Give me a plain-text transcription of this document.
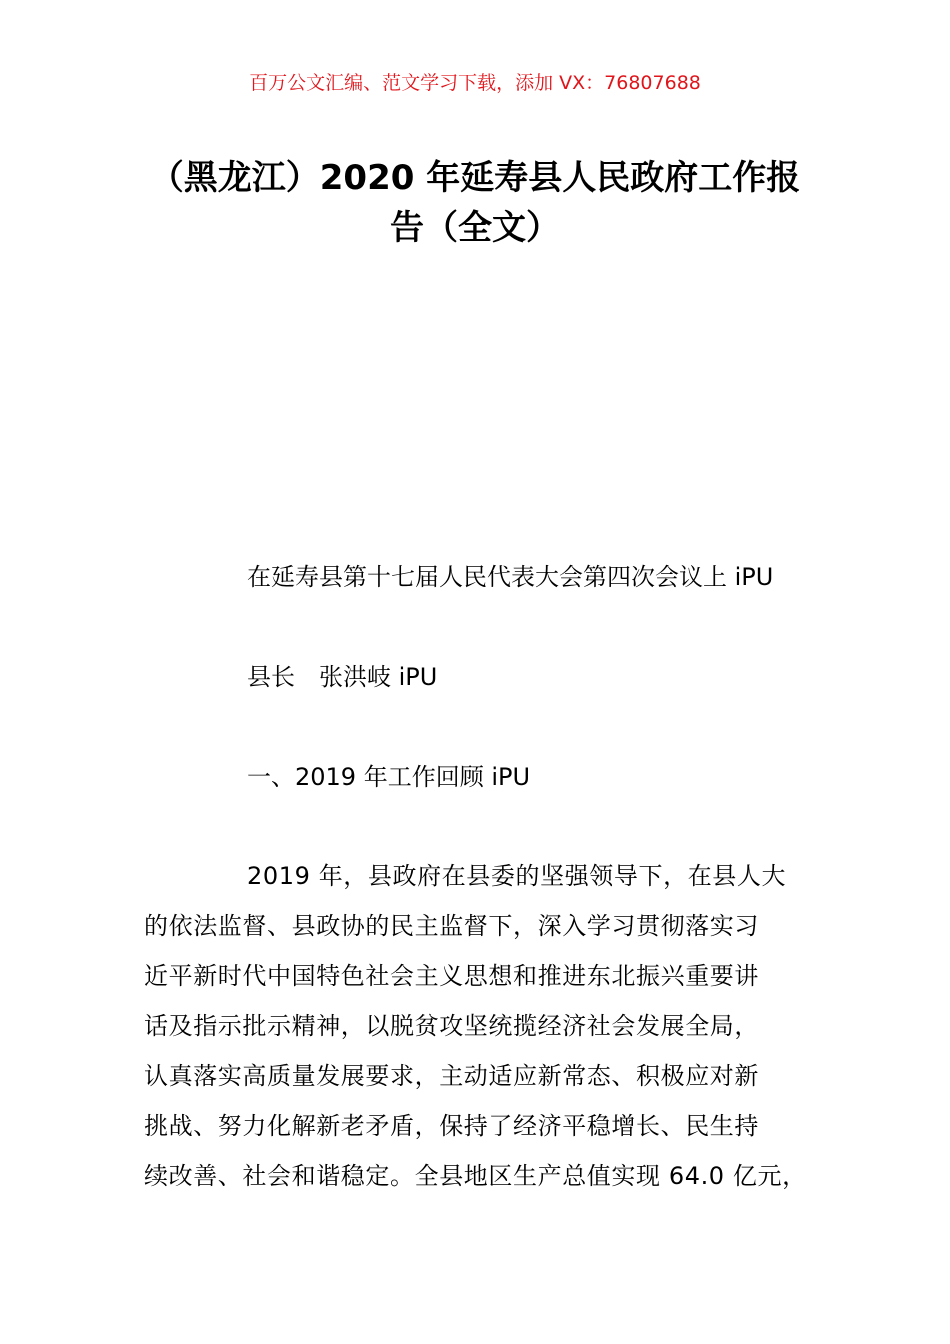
百万公文汇编、范文学习下载，添加 VX：76807688
（黑龙江）2020 年延寿县人民政府工作报
告（全文）
在延寿县第十七届人民代表大会第四次会议上 iPU
县长　张洪岐 iPU
一、2019 年工作回顾 iPU
2019 年，县政府在县委的坚强领导下，在县人大
的依法监督、县政协的民主监督下，深入学习贯彻落实习
近平新时代中国特色社会主义思想和推进东北振兴重要讲
话及指示批示精神，以脱贫攻坚统揽经济社会发展全局，
认真落实高质量发展要求，主动适应新常态、积极应对新
挑战、努力化解新老矛盾，保持了经济平稳增长、民生持
续改善、社会和谐稳定。全县地区生产总值实现 64.0 亿元，
